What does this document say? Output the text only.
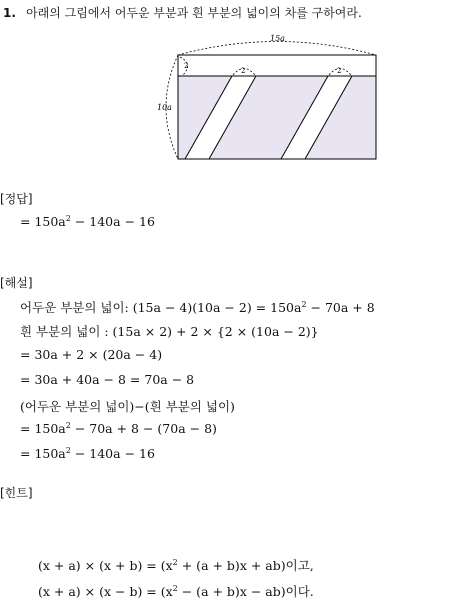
1. 아래의 그림에서 어두운 부분과 흰 부분의 넓이의 차를 구하여라.
15a
10a
2
2	2
[정답]
= $150a^2 - 140a - 16$
[해설]
어두운 부분의 넓이: $(15a - 4)(10a - 2) = 150a^2 - 70a + 8$
흰 부분의 넓이 : (15a × 2) + 2 × {2 × (10a − 2)}
= 30a + 2 × (20a − 4)
= 30a + 40a − 8 = 70a − 8
(어두운 부분의 넓이)−(흰 부분의 넓이)
= $150a^2 - 70a + 8 - (70a - 8)$
= $150a^2 - 140a - 16$
[힌트]
$(x + a) \times (x + b) = (x^2 + (a + b)x + ab)$이고,
$(x + a) \times (x - b) = (x^2 - (a + b)x - ab)$이다.
